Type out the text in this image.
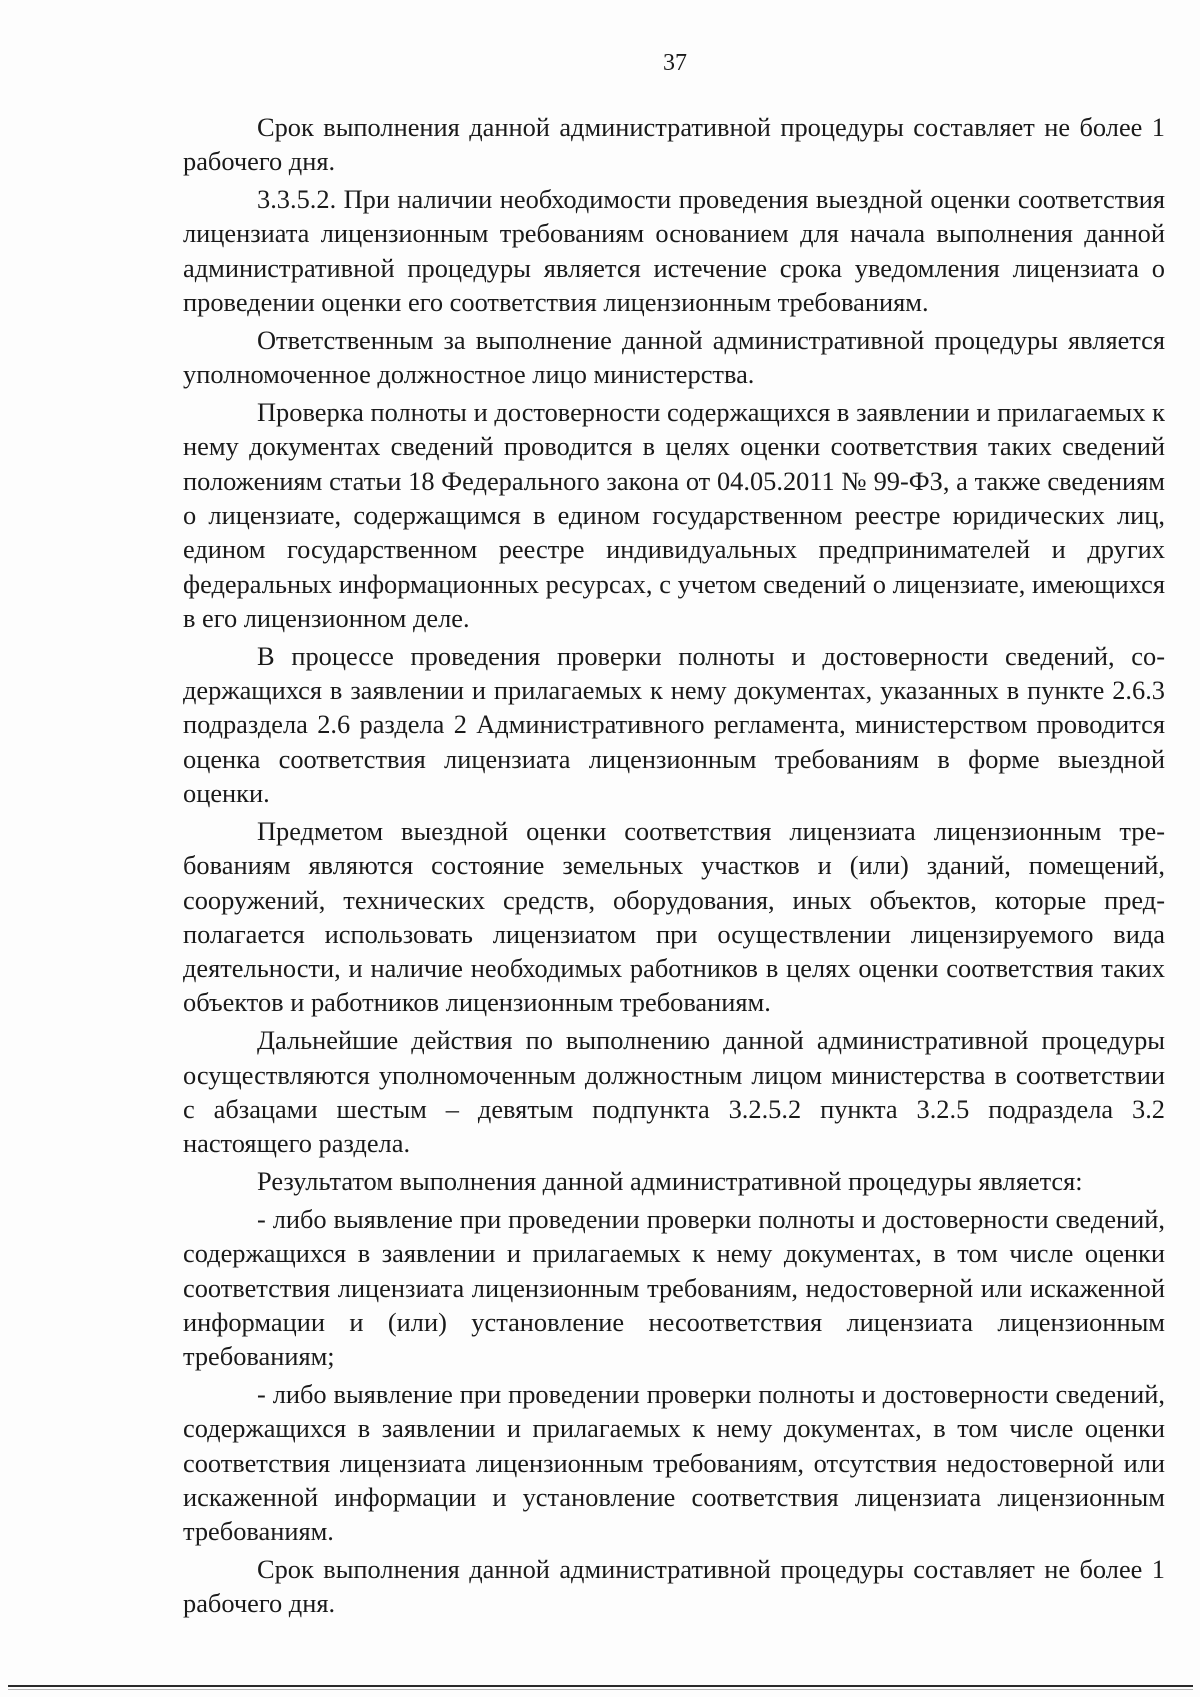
37

Срок выполнения данной административной процедуры составляет не более 1 рабочего дня.

3.3.5.2. При наличии необходимости проведения выездной оценки соответствия лицензиата лицензионным требованиям основанием для начала выполнения данной административной процедуры является истечение срока уведомления лицензиата о проведении оценки его соответствия лицензионным требованиям.

Ответственным за выполнение данной административной процедуры является уполномоченное должностное лицо министерства.

Проверка полноты и достоверности содержащихся в заявлении и прилагаемых к нему документах сведений проводится в целях оценки соответствия таких сведений положениям статьи 18 Федерального закона от 04.05.2011 № 99-ФЗ, а также сведениям о лицензиате, содержащимся в едином государственном реестре юридических лиц, едином государственном реестре индивидуальных предпринимателей и других федеральных информационных ресурсах, с учетом сведений о лицензиате, имеющихся в его лицензионном деле.

В процессе проведения проверки полноты и достоверности сведений, содержащихся в заявлении и прилагаемых к нему документах, указанных в пункте 2.6.3 подраздела 2.6 раздела 2 Административного регламента, министерством проводится оценка соответствия лицензиата лицензионным требованиям в форме выездной оценки.

Предметом выездной оценки соответствия лицензиата лицензионным требованиям являются состояние земельных участков и (или) зданий, помещений, сооружений, технических средств, оборудования, иных объектов, которые предполагается использовать лицензиатом при осуществлении лицензируемого вида деятельности, и наличие необходимых работников в целях оценки соответствия таких объектов и работников лицензионным требованиям.

Дальнейшие действия по выполнению данной административной процедуры осуществляются уполномоченным должностным лицом министерства в соответствии с абзацами шестым – девятым подпункта 3.2.5.2 пункта 3.2.5 подраздела 3.2 настоящего раздела.

Результатом выполнения данной административной процедуры является:

- либо выявление при проведении проверки полноты и достоверности сведений, содержащихся в заявлении и прилагаемых к нему документах, в том числе оценки соответствия лицензиата лицензионным требованиям, недостоверной или искаженной информации и (или) установление несоответствия лицензиата лицензионным требованиям;

- либо выявление при проведении проверки полноты и достоверности сведений, содержащихся в заявлении и прилагаемых к нему документах, в том числе оценки соответствия лицензиата лицензионным требованиям, отсутствия недостоверной или искаженной информации и установление соответствия лицензиата лицензионным требованиям.

Срок выполнения данной административной процедуры составляет не более 1 рабочего дня.
